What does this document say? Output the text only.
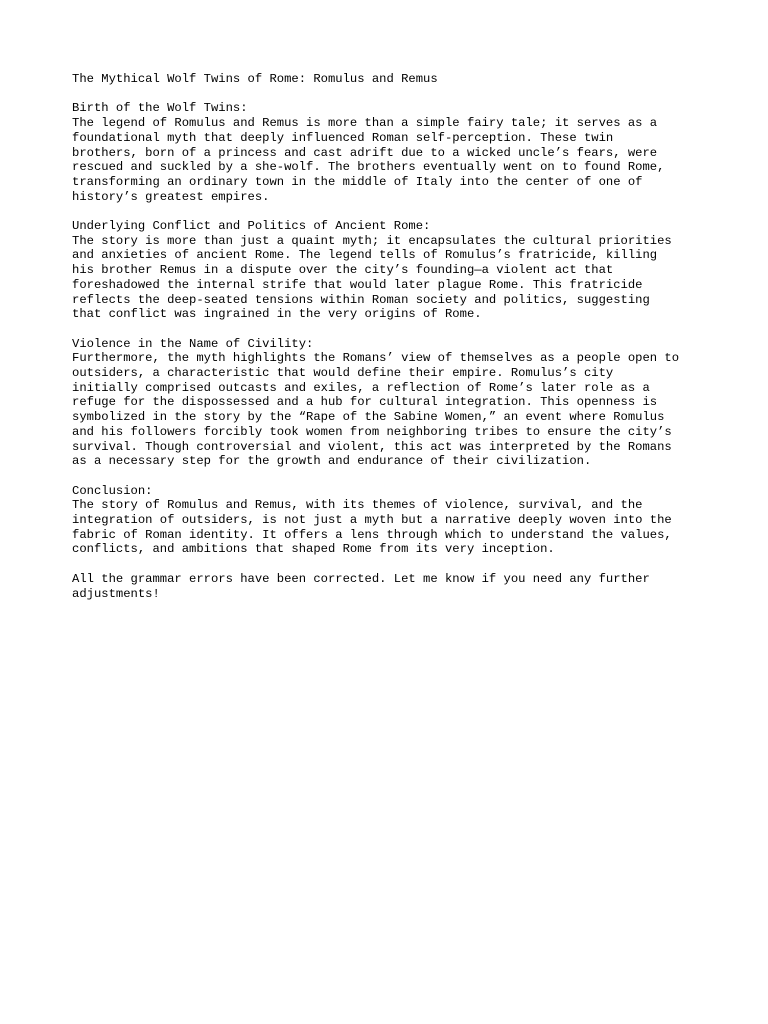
The Mythical Wolf Twins of Rome: Romulus and Remus
Birth of the Wolf Twins:
The legend of Romulus and Remus is more than a simple fairy tale; it serves as a
foundational myth that deeply influenced Roman self-perception. These twin
brothers, born of a princess and cast adrift due to a wicked uncle’s fears, were
rescued and suckled by a she-wolf. The brothers eventually went on to found Rome,
transforming an ordinary town in the middle of Italy into the center of one of
history’s greatest empires.
Underlying Conflict and Politics of Ancient Rome:
The story is more than just a quaint myth; it encapsulates the cultural priorities
and anxieties of ancient Rome. The legend tells of Romulus’s fratricide, killing
his brother Remus in a dispute over the city’s founding—a violent act that
foreshadowed the internal strife that would later plague Rome. This fratricide
reflects the deep-seated tensions within Roman society and politics, suggesting
that conflict was ingrained in the very origins of Rome.
Violence in the Name of Civility:
Furthermore, the myth highlights the Romans’ view of themselves as a people open to
outsiders, a characteristic that would define their empire. Romulus’s city
initially comprised outcasts and exiles, a reflection of Rome’s later role as a
refuge for the dispossessed and a hub for cultural integration. This openness is
symbolized in the story by the “Rape of the Sabine Women,” an event where Romulus
and his followers forcibly took women from neighboring tribes to ensure the city’s
survival. Though controversial and violent, this act was interpreted by the Romans
as a necessary step for the growth and endurance of their civilization.
Conclusion:
The story of Romulus and Remus, with its themes of violence, survival, and the
integration of outsiders, is not just a myth but a narrative deeply woven into the
fabric of Roman identity. It offers a lens through which to understand the values,
conflicts, and ambitions that shaped Rome from its very inception.
All the grammar errors have been corrected. Let me know if you need any further
adjustments!
